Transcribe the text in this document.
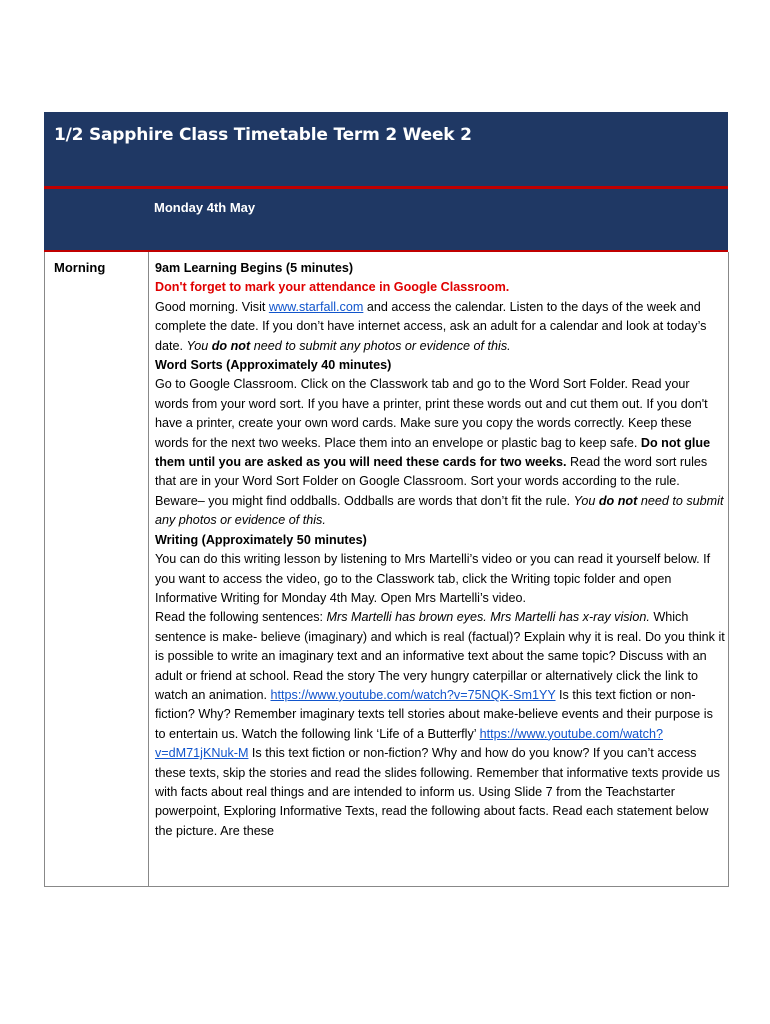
1/2 Sapphire Class Timetable Term 2 Week 2
Monday 4th May
Morning	9am Learning Begins (5 minutes)

Don't forget to mark your attendance in Google Classroom.

Good morning. Visit www.starfall.com and access the calendar. Listen to the days of the week and complete the date. If you don’t have internet access, ask an adult for a calendar and look at today’s date. You do not need to submit any photos or evidence of this.

Word Sorts (Approximately 40 minutes)

Go to Google Classroom. Click on the Classwork tab and go to the Word Sort Folder. Read your words from your word sort. If you have a printer, print these words out and cut them out. If you don't have a printer, create your own word cards. Make sure you copy the words correctly. Keep these words for the next two weeks. Place them into an envelope or plastic bag to keep safe. Do not glue them until you are asked as you will need these cards for two weeks. Read the word sort rules that are in your Word Sort Folder on Google Classroom. Sort your words according to the rule. Beware– you might find oddballs. Oddballs are words that don’t fit the rule. You do not need to submit any photos or evidence of this.

Writing (Approximately 50 minutes)

You can do this writing lesson by listening to Mrs Martelli’s video or you can read it yourself below. If you want to access the video, go to the Classwork tab, click the Writing topic folder and open Informative Writing for Monday 4th May. Open Mrs Martelli’s video.

Read the following sentences: Mrs Martelli has brown eyes. Mrs Martelli has x-ray vision. Which sentence is make- believe (imaginary) and which is real (factual)? Explain why it is real. Do you think it is possible to write an imaginary text and an informative text about the same topic? Discuss with an adult or friend at school. Read the story The very hungry caterpillar or alternatively click the link to watch an animation. https://www.youtube.com/watch?v=75NQK-Sm1YY Is this text fiction or non-fiction? Why? Remember imaginary texts tell stories about make-believe events and their purpose is to entertain us. Watch the following link ‘Life of a Butterfly’ https://www.youtube.com/watch?v=dM71jKNuk-M Is this text fiction or non-fiction? Why and how do you know? If you can’t access these texts, skip the stories and read the slides following. Remember that informative texts provide us with facts about real things and are intended to inform us. Using Slide 7 from the Teachstarter powerpoint, Exploring Informative Texts, read the following about facts. Read each statement below the picture. Are these
